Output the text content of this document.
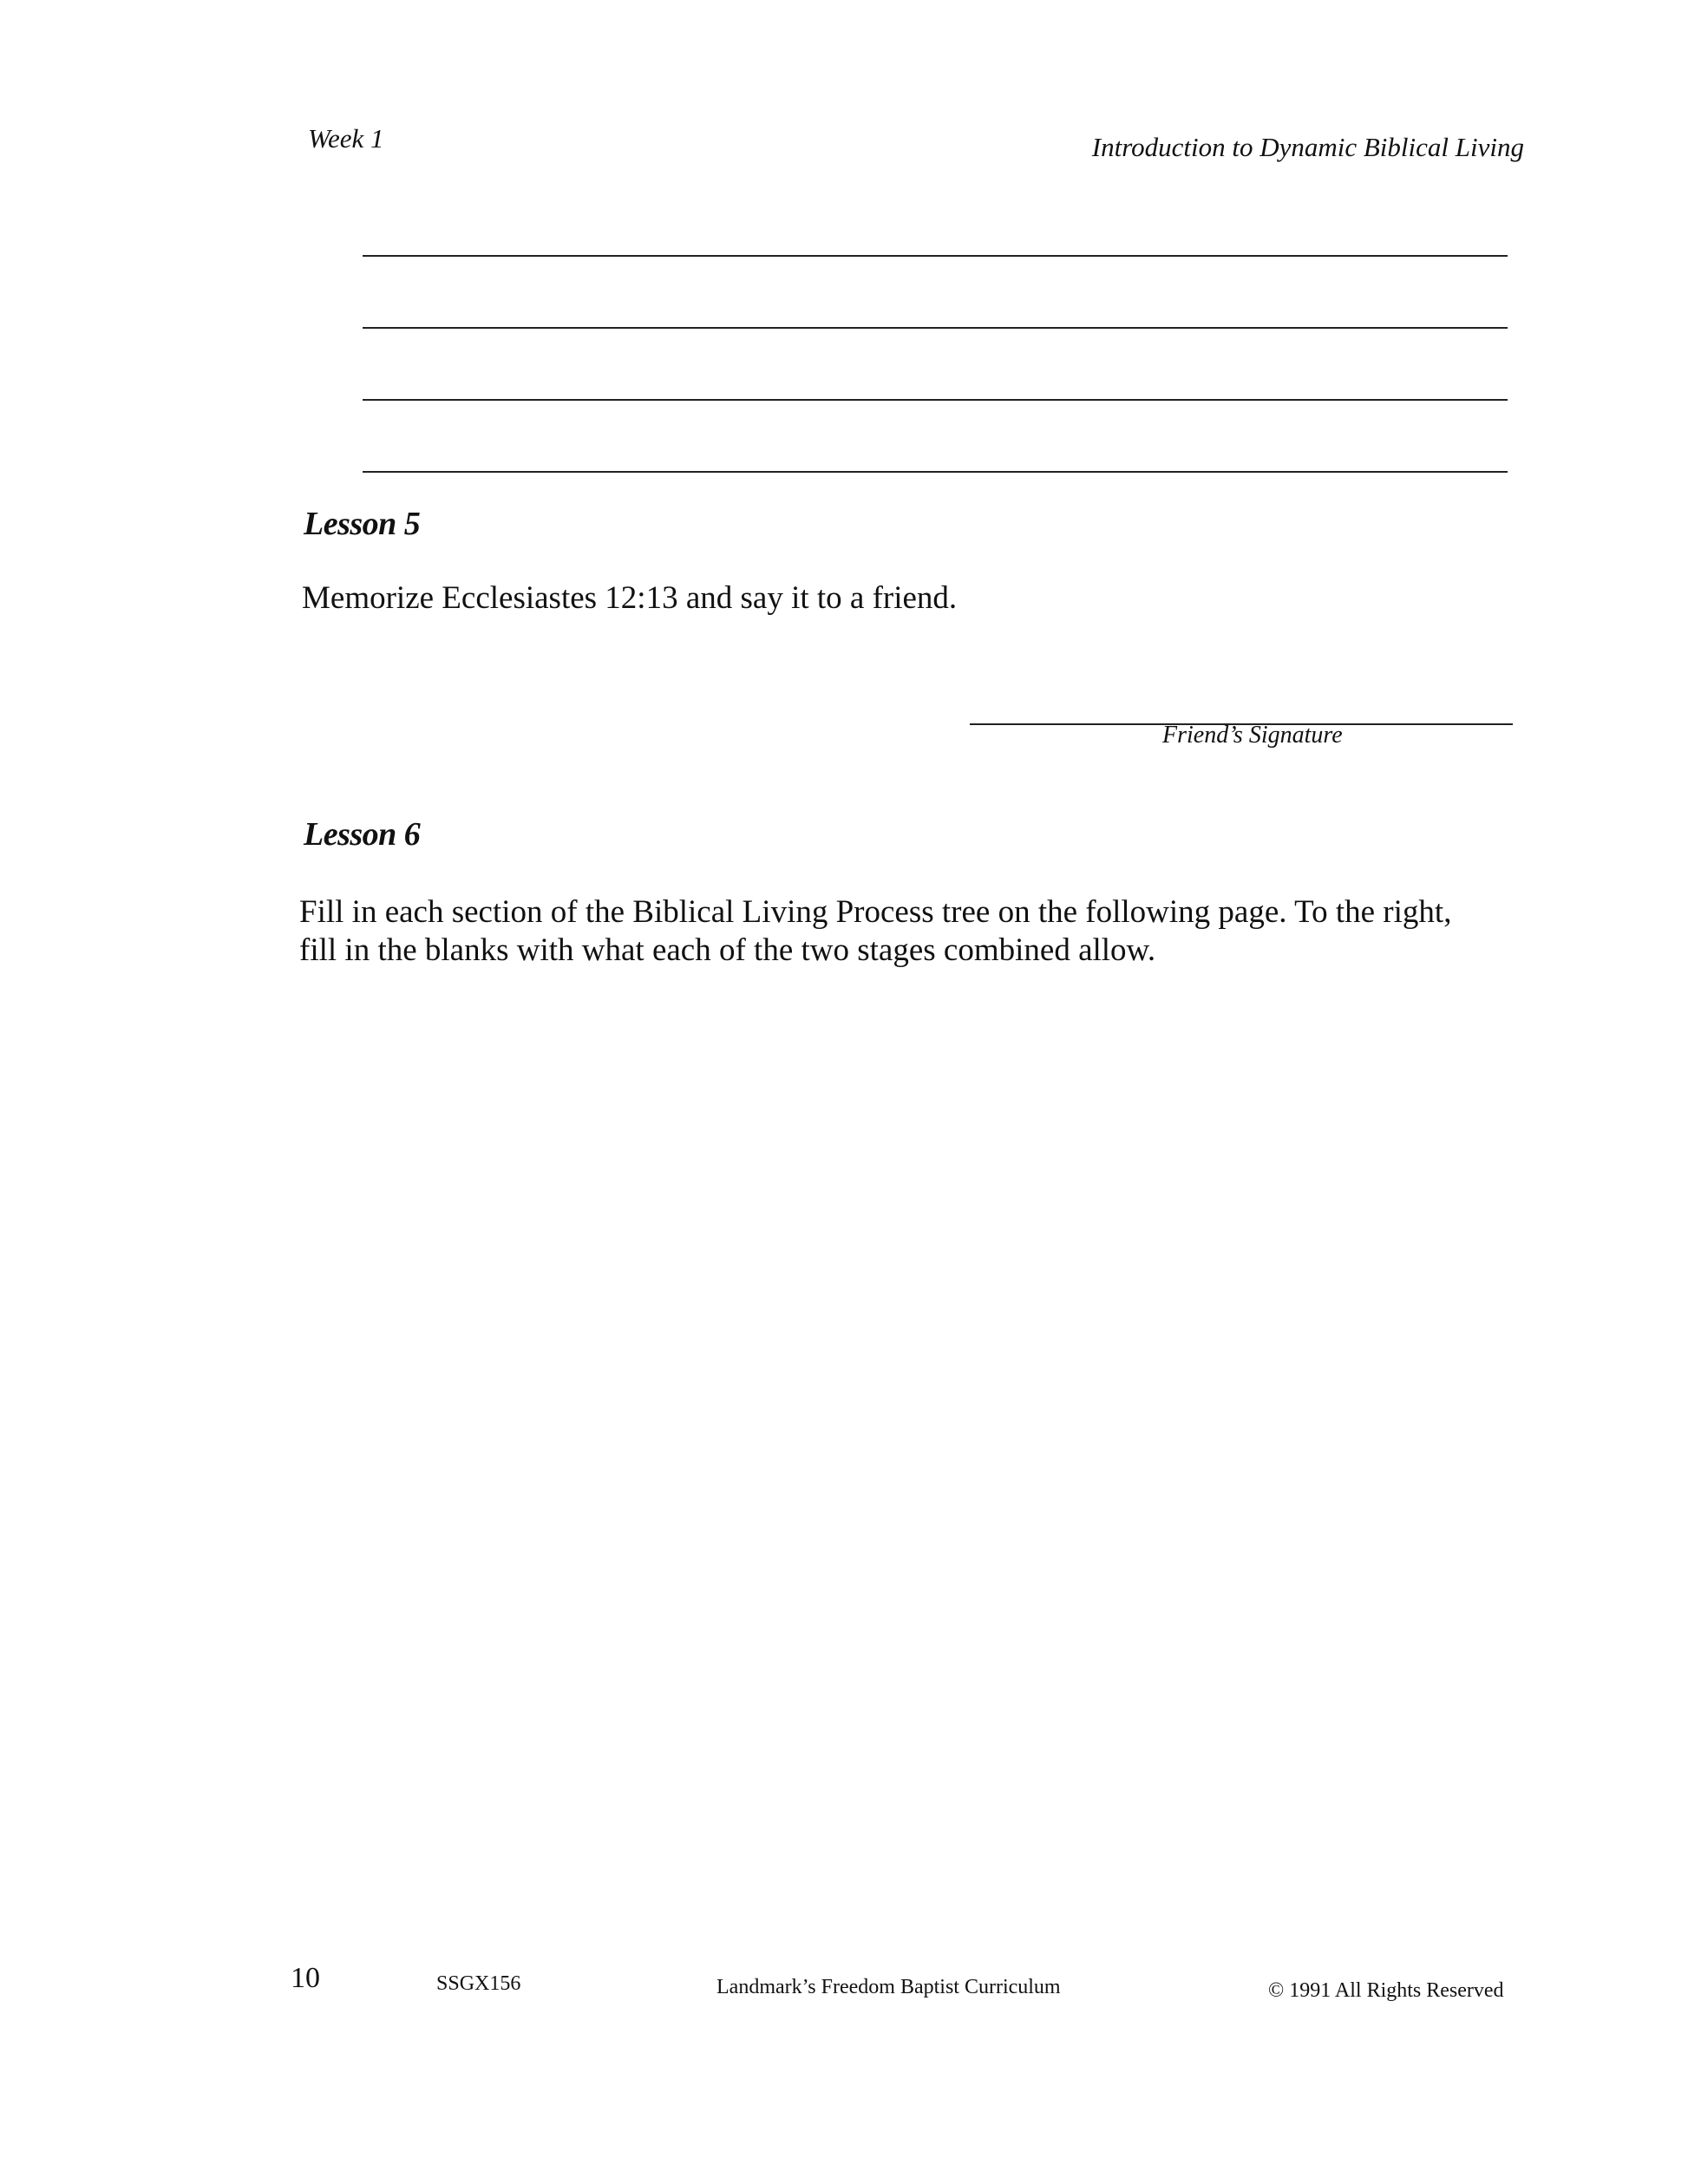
Week 1	Introduction to Dynamic Biblical Living
Lesson 5
Memorize Ecclesiastes 12:13 and say it to a friend.
Friend’s Signature
Lesson 6
Fill in each section of the Biblical Living Process tree on the following page. To the right,
fill in the blanks with what each of the two stages combined allow.
10	SSGX156	Landmark’s Freedom Baptist Curriculum	© 1991 All Rights Reserved
